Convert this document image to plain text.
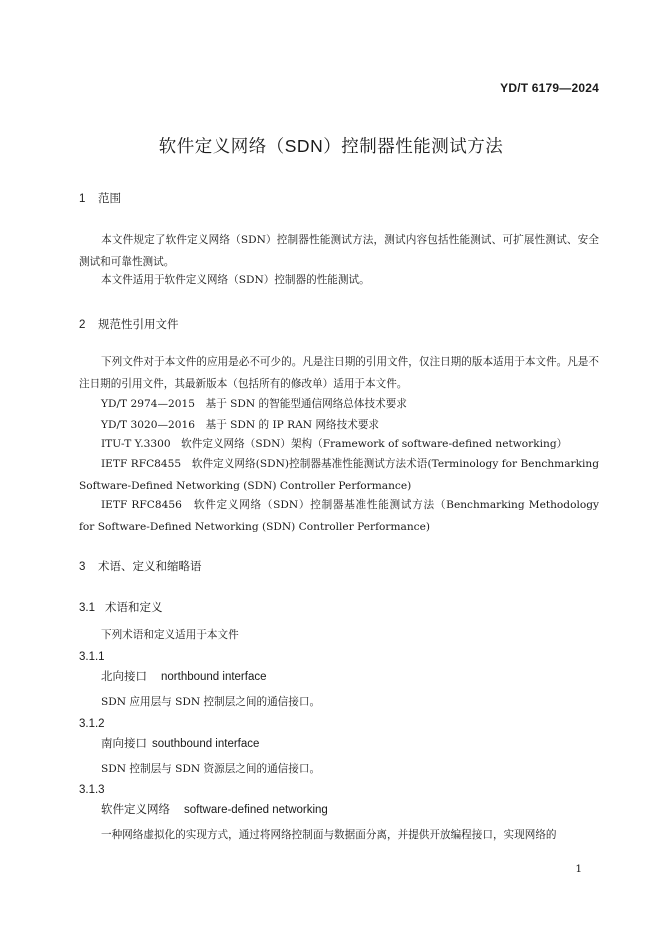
YD/T 6179—2024
软件定义网络（SDN）控制器性能测试方法
1 范围
本文件规定了软件定义网络（SDN）控制器性能测试方法，测试内容包括性能测试、可扩展性测试、安全测试和可靠性测试。
本文件适用于软件定义网络（SDN）控制器的性能测试。
2 规范性引用文件
下列文件对于本文件的应用是必不可少的。凡是注日期的引用文件，仅注日期的版本适用于本文件。凡是不注日期的引用文件，其最新版本（包括所有的修改单）适用于本文件。
YD/T 2974—2015　基于 SDN 的智能型通信网络总体技术要求
YD/T 3020—2016　基于 SDN 的 IP RAN 网络技术要求
ITU-T Y.3300　软件定义网络（SDN）架构（Framework of software-defined networking）
IETF RFC8455　软件定义网络(SDN)控制器基准性能测试方法术语(Terminology for Benchmarking Software-Defined Networking (SDN) Controller Performance)
IETF RFC8456　软件定义网络（SDN）控制器基准性能测试方法（Benchmarking Methodology for Software-Defined Networking (SDN) Controller Performance)
3 术语、定义和缩略语
3.1 术语和定义
下列术语和定义适用于本文件
3.1.1
北向接口 northbound interface
SDN 应用层与 SDN 控制层之间的通信接口。
3.1.2
南向接口 southbound interface
SDN 控制层与 SDN 资源层之间的通信接口。
3.1.3
软件定义网络 software-defined networking
一种网络虚拟化的实现方式，通过将网络控制面与数据面分离，并提供开放编程接口，实现网络的
1
